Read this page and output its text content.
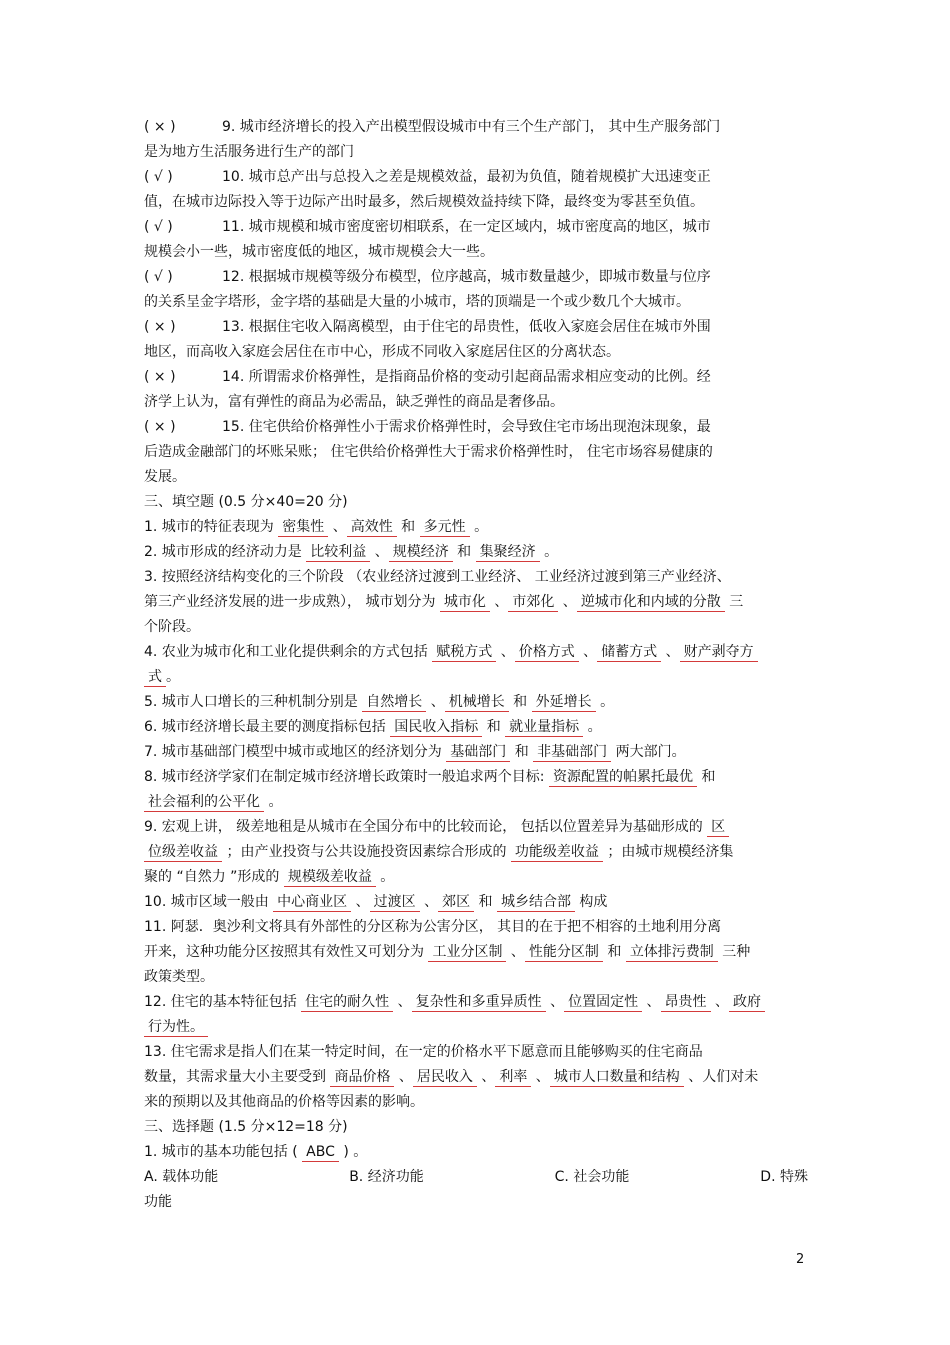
( × )	9. 城市经济增长的投入产出模型假设城市中有三个生产部门， 其中生产服务部门

是为地方生活服务进行生产的部门

( √ )	10. 城市总产出与总投入之差是规模效益，最初为负值，随着规模扩大迅速变正

值，在城市边际投入等于边际产出时最多，然后规模效益持续下降，最终变为零甚至负值。

( √ )	11. 城市规模和城市密度密切相联系，在一定区域内，城市密度高的地区，城市

规模会小一些，城市密度低的地区，城市规模会大一些。

( √ )	12. 根据城市规模等级分布模型，位序越高，城市数量越少，即城市数量与位序

的关系呈金字塔形，金字塔的基础是大量的小城市，塔的顶端是一个或少数几个大城市。

( × )	13. 根据住宅收入隔离模型，由于住宅的昂贵性，低收入家庭会居住在城市外围

地区，而高收入家庭会居住在市中心，形成不同收入家庭居住区的分离状态。

( × )	14. 所谓需求价格弹性，是指商品价格的变动引起商品需求相应变动的比例。经

济学上认为，富有弹性的商品为必需品，缺乏弹性的商品是奢侈品。

( × )	15. 住宅供给价格弹性小于需求价格弹性时，会导致住宅市场出现泡沫现象，最

后造成金融部门的坏账呆账； 住宅供给价格弹性大于需求价格弹性时， 住宅市场容易健康的

发展。

三、填空题 (0.5 分×40=20 分)

1. 城市的特征表现为 密集性 、 高效性 和 多元性 。

2. 城市形成的经济动力是 比较利益 、 规模经济 和 集聚经济 。

3. 按照经济结构变化的三个阶段 （农业经济过渡到工业经济、 工业经济过渡到第三产业经济、

第三产业经济发展的进一步成熟）， 城市划分为 城市化 、 市郊化 、 逆城市化和内域的分散 三

个阶段。

4. 农业为城市化和工业化提供剩余的方式包括 赋税方式 、 价格方式 、 储蓄方式 、 财产剥夺方

式 。

5. 城市人口增长的三种机制分别是 自然增长 、 机械增长 和 外延增长 。

6. 城市经济增长最主要的测度指标包括 国民收入指标 和 就业量指标 。

7. 城市基础部门模型中城市或地区的经济划分为 基础部门 和 非基础部门 两大部门。

8. 城市经济学家们在制定城市经济增长政策时一般追求两个目标: 资源配置的帕累托最优 和

社会福利的公平化 。

9. 宏观上讲， 级差地租是从城市在全国分布中的比较而论， 包括以位置差异为基础形成的 区

位级差收益 ；由产业投资与公共设施投资因素综合形成的 功能级差收益 ；由城市规模经济集

聚的 “自然力 ”形成的 规模级差收益 。

10. 城市区域一般由 中心商业区 、 过渡区 、 郊区 和 城乡结合部 构成

11. 阿瑟．奥沙利文将具有外部性的分区称为公害分区， 其目的在于把不相容的土地利用分离

开来，这种功能分区按照其有效性又可划分为 工业分区制 、 性能分区制 和 立体排污费制 三种

政策类型。

12. 住宅的基本特征包括 住宅的耐久性 、 复杂性和多重异质性 、 位置固定性 、 昂贵性 、 政府

行为性。

13. 住宅需求是指人们在某一特定时间，在一定的价格水平下愿意而且能够购买的住宅商品

数量，其需求量大小主要受到 商品价格 、 居民收入 、 利率 、 城市人口数量和结构 、人们对未

来的预期以及其他商品的价格等因素的影响。

三、选择题 (1.5 分×12=18 分)

1. 城市的基本功能包括 ( ABC ) 。

A. 载体功能	B. 经济功能	C. 社会功能	D. 特殊

功能

2
